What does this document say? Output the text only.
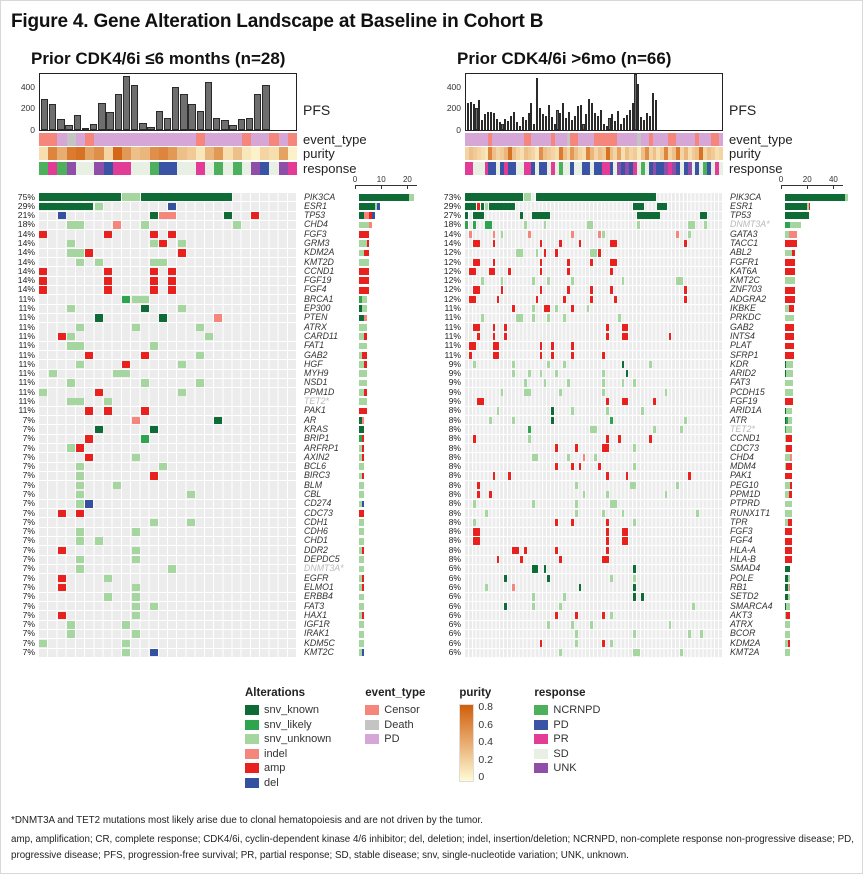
Figure 4. Gene Alteration Landscape at Baseline in Cohort B
Prior CDK4/6i ≤6 months (n=28)
0
200
400
PFS
event_type
purity
response
0 10 20
75%	PIK3CA
29%	ESR1
21%	TP53
18%	CHD4
14%	FGF3
14%	GRM3
14%	KDM2A
14%	KMT2D
14%	CCND1
14%	FGF19
14%	FGF4
11%	BRCA1
11%	EP300
11%	PTEN
11%	ATRX
11%	CARD11
11%	FAT1
11%	GAB2
11%	HGF
11%	MYH9
11%	NSD1
11%	PPM1D
11%	TET2*
11%	PAK1
7%	AR
7%	KRAS
7%	BRIP1
7%	ARFRP1
7%	AXIN2
7%	BCL6
7%	BIRC3
7%	BLM
7%	CBL
7%	CD274
7%	CDC73
7%	CDH1
7%	CDH6
7%	CHD1
7%	DDR2
7%	DEPDC5
7%	DNMT3A*
7%	EGFR
7%	ELMO1
7%	ERBB4
7%	FAT3
7%	HAX1
7%	IGF1R
7%	IRAK1
7%	KDM5C
7%	KMT2C
Prior CDK4/6i >6mo (n=66)
0
200
400
PFS
event_type
purity
response
0 20 40
73%	PIK3CA
29%	ESR1
27%	TP53
18%	DNMT3A*
14%	GATA3
14%	TACC1
12%	ABL2
12%	FGFR1
12%	KAT6A
12%	KMT2C
12%	ZNF703
12%	ADGRA2
11%	IKBKE
11%	PRKDC
11%	GAB2
11%	INTS4
11%	PLAT
11%	SFRP1
9%	KDR
9%	ARID2
9%	FAT3
9%	PCDH15
9%	FGF19
8%	ARID1A
8%	ATR
8%	TET2*
8%	CCND1
8%	CDC73
8%	CHD4
8%	MDM4
8%	PAK1
8%	PEG10
8%	PPM1D
8%	PTPRD
8%	RUNX1T1
8%	TPR
8%	FGF3
8%	FGF4
8%	HLA-A
8%	HLA-B
6%	SMAD4
6%	POLE
6%	RB1
6%	SETD2
6%	SMARCA4
6%	AKT3
6%	ATRX
6%	BCOR
6%	KDM2A
6%	KMT2A
Alterations
snv_known
snv_likely
snv_unknown
indel
amp
del
event_type
Censor
Death
PD
purity
0.8
0.6
0.4
0.2
0
response
NCRNPD
PD
PR
SD
UNK

*DNMT3A and TET2 mutations most likely arise due to clonal hematopoiesis and are not driven by the tumor.

amp, amplification; CR, complete response; CDK4/6i, cyclin-dependent kinase 4/6 inhibitor; del, deletion; indel, insertion/deletion; NCRNPD, non-complete response non-progressive disease; PD, progressive disease; PFS, progression-free survival; PR, partial response; SD, stable disease; snv, single-nucleotide variation; UNK, unknown.
